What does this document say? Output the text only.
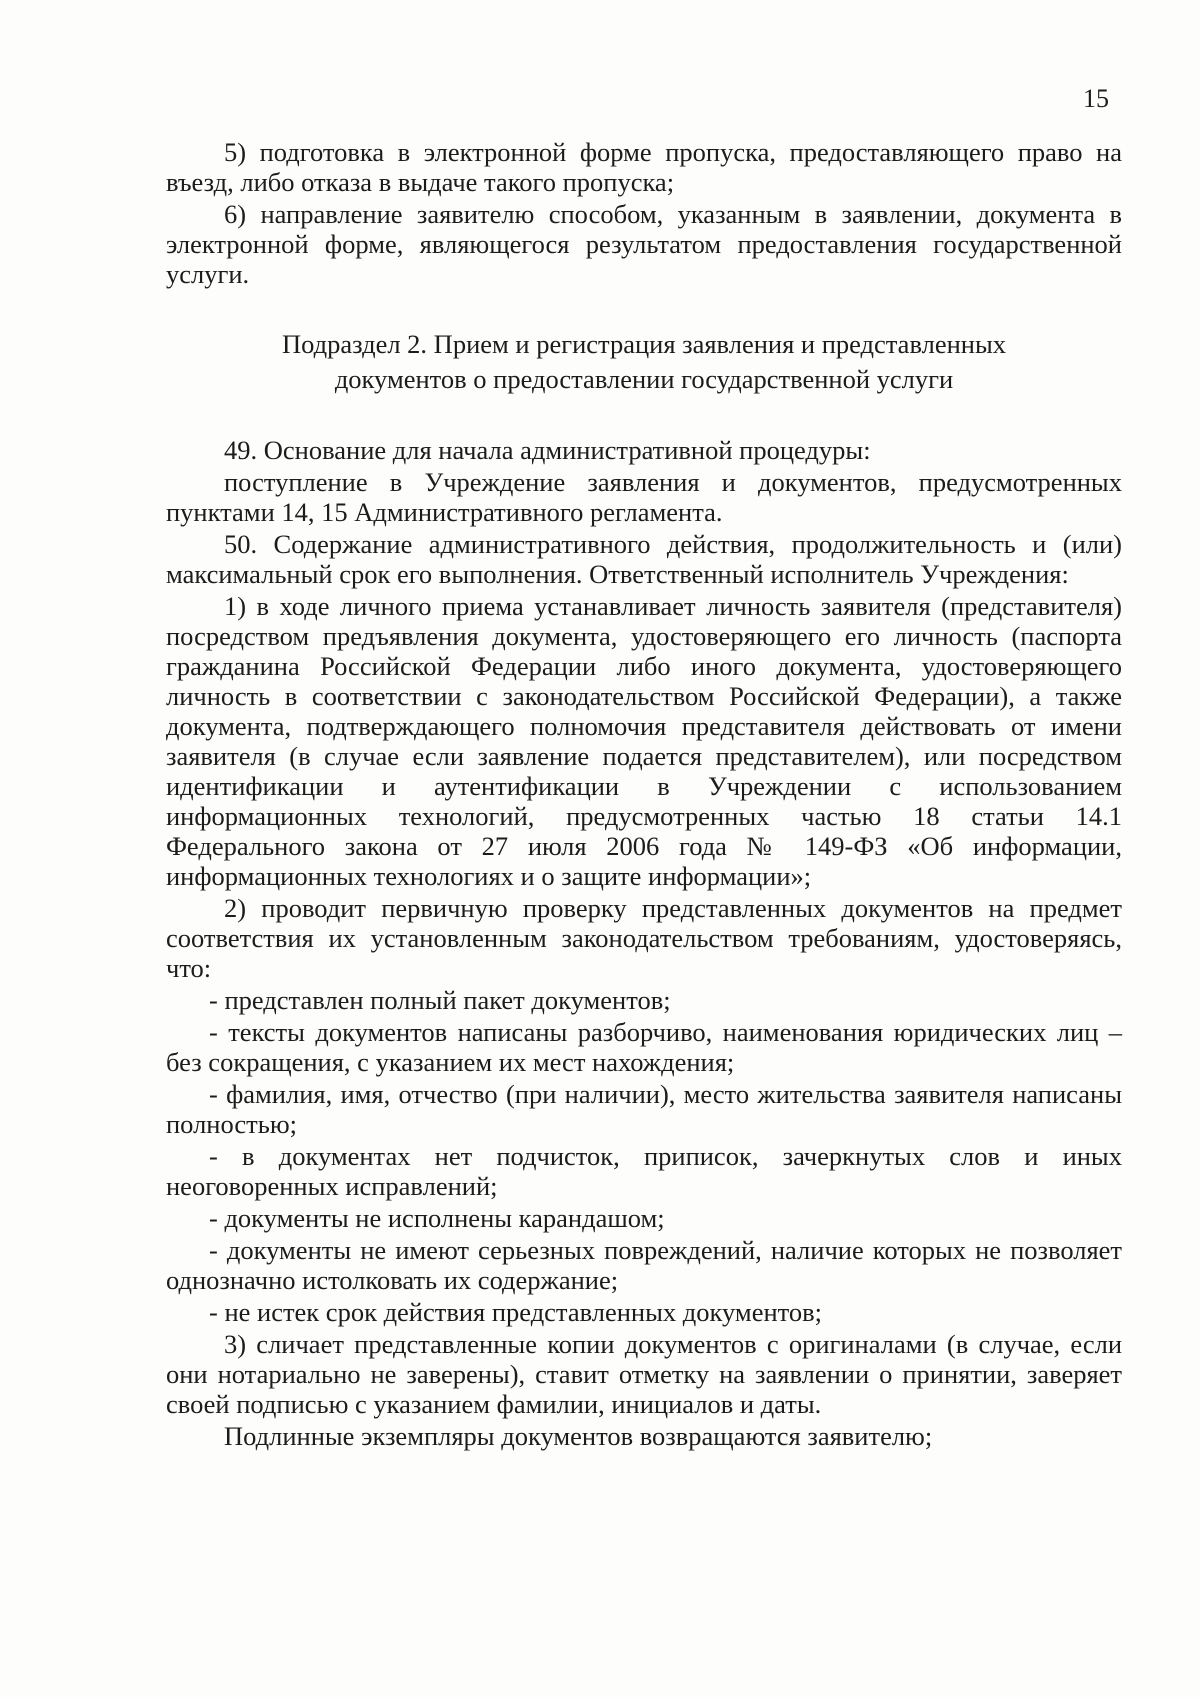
15

5) подготовка в электронной форме пропуска, предоставляющего право на въезд, либо отказа в выдаче такого пропуска;

6) направление заявителю способом, указанным в заявлении, документа в электронной форме, являющегося результатом предоставления государственной услуги.

Подраздел 2. Прием и регистрация заявления и представленных
документов о предоставлении государственной услуги

49. Основание для начала административной процедуры:

поступление в Учреждение заявления и документов, предусмотренных пунктами 14, 15 Административного регламента.

50. Содержание административного действия, продолжительность и (или) максимальный срок его выполнения. Ответственный исполнитель Учреждения:

1) в ходе личного приема устанавливает личность заявителя (представителя) посредством предъявления документа, удостоверяющего его личность (паспорта гражданина Российской Федерации либо иного документа, удостоверяющего личность в соответствии с законодательством Российской Федерации), а также документа, подтверждающего полномочия представителя действовать от имени заявителя (в случае если заявление подается представителем), или посредством идентификации и аутентификации в Учреждении с использованием информационных технологий, предусмотренных частью 18 статьи 14.1 Федерального закона от 27 июля 2006 года № 149-ФЗ «Об информации, информационных технологиях и о защите информации»;

2) проводит первичную проверку представленных документов на предмет соответствия их установленным законодательством требованиям, удостоверяясь, что:

- представлен полный пакет документов;

- тексты документов написаны разборчиво, наименования юридических лиц – без сокращения, с указанием их мест нахождения;

- фамилия, имя, отчество (при наличии), место жительства заявителя написаны полностью;

- в документах нет подчисток, приписок, зачеркнутых слов и иных неоговоренных исправлений;

- документы не исполнены карандашом;

- документы не имеют серьезных повреждений, наличие которых не позволяет однозначно истолковать их содержание;

- не истек срок действия представленных документов;

3) сличает представленные копии документов с оригиналами (в случае, если они нотариально не заверены), ставит отметку на заявлении о принятии, заверяет своей подписью с указанием фамилии, инициалов и даты.

Подлинные экземпляры документов возвращаются заявителю;
